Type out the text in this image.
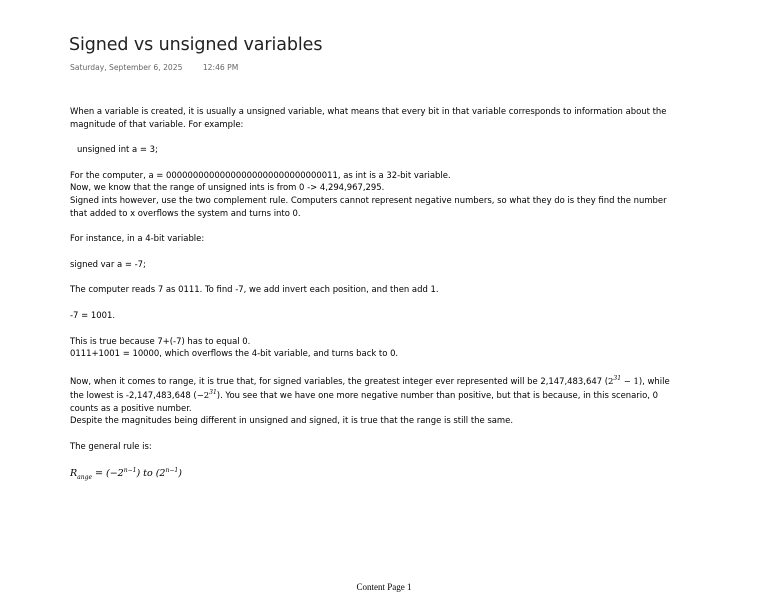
Signed vs unsigned variables
Saturday, September 6, 2025	12:46 PM
When a variable is created, it is usually a unsigned variable, what means that every bit in that variable corresponds to information about the
magnitude of that variable. For example:
unsigned int a = 3;
For the computer, a = 00000000000000000000000000000011, as int is a 32-bit variable.
Now, we know that the range of unsigned ints is from 0 -> 4,294,967,295.
Signed ints however, use the two complement rule. Computers cannot represent negative numbers, so what they do is they find the number
that added to x overflows the system and turns into 0.
For instance, in a 4-bit variable:
signed var a = -7;
The computer reads 7 as 0111. To find -7, we add invert each position, and then add 1.
-7 = 1001.
This is true because 7+(-7) has to equal 0.
0111+1001 = 10000, which overflows the 4-bit variable, and turns back to 0.
Now, when it comes to range, it is true that, for signed variables, the greatest integer ever represented will be 2,147,483,647 $(2^{31} - 1)$, while
the lowest is -2,147,483,648 $(-2^{31})$. You see that we have one more negative number than positive, but that is because, in this scenario, 0
counts as a positive number.
Despite the magnitudes being different in unsigned and signed, it is true that the range is still the same.
The general rule is:
$R_{ange} = (-2^{n-1})$ to $(2^{n-1})$
Content Page 1
